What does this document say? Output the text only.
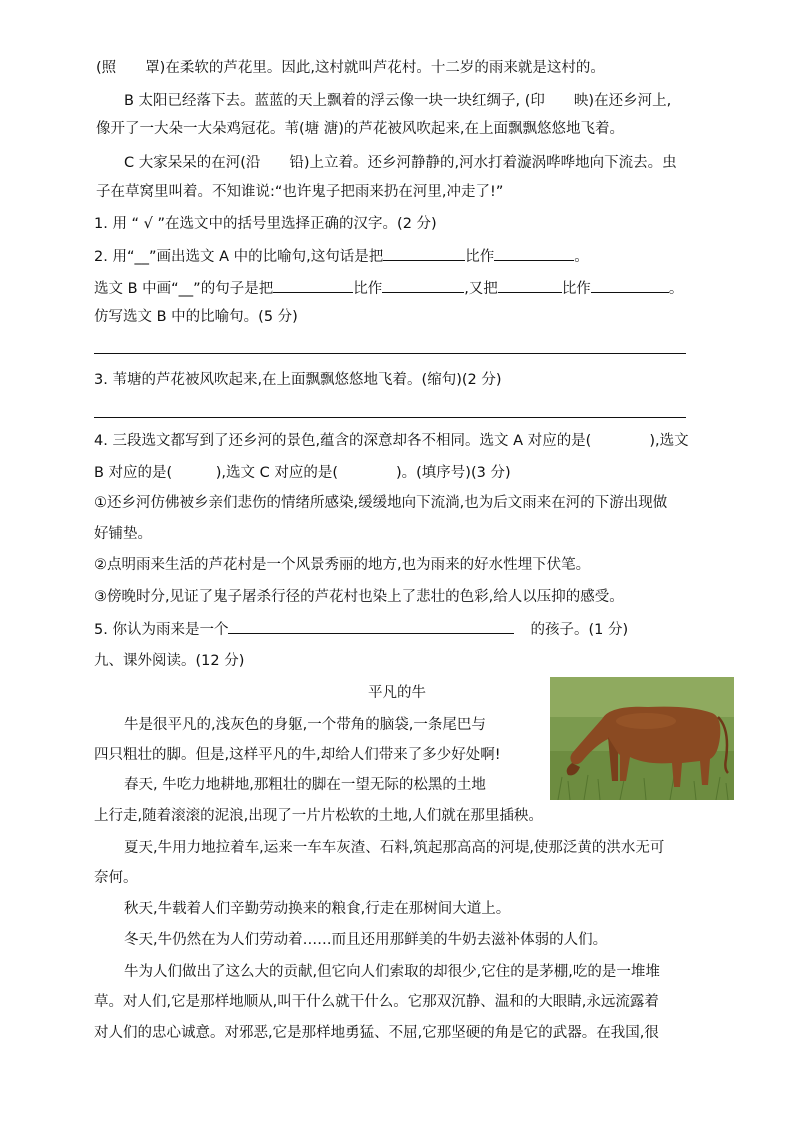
(照　　罩)在柔软的芦花里。因此,这村就叫芦花村。十二岁的雨来就是这村的。
B 太阳已经落下去。蓝蓝的天上飘着的浮云像一块一块红绸子, (印　　映)在还乡河上,
像开了一大朵一大朵鸡冠花。苇(塘 溏)的芦花被风吹起来,在上面飘飘悠悠地飞着。
C 大家呆呆的在河(沿　　铅)上立着。还乡河静静的,河水打着漩涡哗哗地向下流去。虫
子在草窝里叫着。不知谁说:“也许鬼子把雨来扔在河里,冲走了!”
1. 用 “ √ ”在选文中的括号里选择正确的汉字。(2 分)
2. 用“__”画出选文 A 中的比喻句,这句话是把	比作	。
选文 B 中画“__”的句子是把	比作	,又把	比作	。
仿写选文 B 中的比喻句。(5 分)
3. 苇塘的芦花被风吹起来,在上面飘飘悠悠地飞着。(缩句)(2 分)
4. 三段选文都写到了还乡河的景色,蕴含的深意却各不相同。选文 A 对应的是(　　　　),选文
B 对应的是(　　　),选文 C 对应的是(　　　　)。(填序号)(3 分)
①还乡河仿佛被乡亲们悲伤的情绪所感染,缓缓地向下流淌,也为后文雨来在河的下游出现做
好铺垫。
②点明雨来生活的芦花村是一个风景秀丽的地方,也为雨来的好水性埋下伏笔。
③傍晚时分,见证了鬼子屠杀行径的芦花村也染上了悲壮的色彩,给人以压抑的感受。
5. 你认为雨来是一个	的孩子。(1 分)
九、课外阅读。(12 分)
平凡的牛
牛是很平凡的,浅灰色的身躯,一个带角的脑袋,一条尾巴与
四只粗壮的脚。但是,这样平凡的牛,却给人们带来了多少好处啊!
春天, 牛吃力地耕地,那粗壮的脚在一望无际的松黑的土地
上行走,随着滚滚的泥浪,出现了一片片松软的土地,人们就在那里插秧。
夏天,牛用力地拉着车,运来一车车灰渣、石料,筑起那高高的河堤,使那泛黄的洪水无可
奈何。
秋天,牛载着人们辛勤劳动换来的粮食,行走在那树间大道上。
冬天,牛仍然在为人们劳动着……而且还用那鲜美的牛奶去滋补体弱的人们。
牛为人们做出了这么大的贡献,但它向人们索取的却很少,它住的是茅棚,吃的是一堆堆
草。对人们,它是那样地顺从,叫干什么就干什么。它那双沉静、温和的大眼睛,永远流露着
对人们的忠心诚意。对邪恶,它是那样地勇猛、不屈,它那坚硬的角是它的武器。在我国,很
